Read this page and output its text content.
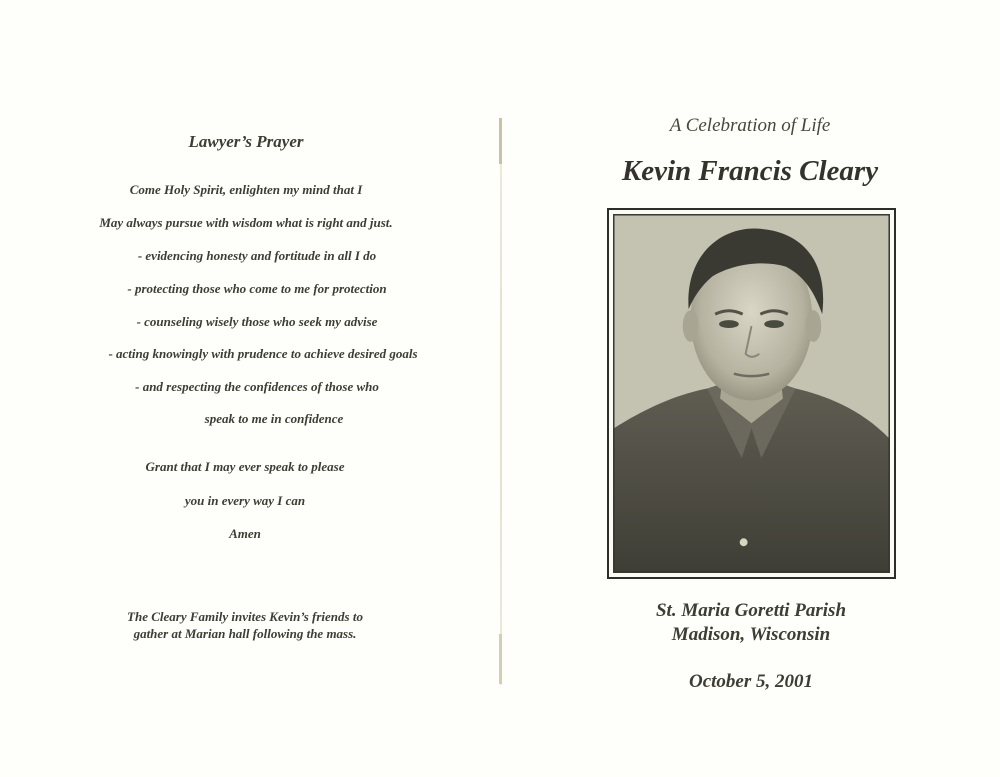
Lawyer’s Prayer
Come Holy Spirit, enlighten my mind that I
May always pursue with wisdom what is right and just.
- evidencing honesty and fortitude in all I do
- protecting those who come to me for protection
- counseling wisely those who seek my advise
- acting knowingly with prudence to achieve desired goals
- and respecting the confidences of those who
speak to me in confidence
Grant that I may ever speak to please
you in every way I can
Amen
The Cleary Family invites Kevin’s friends to
gather at Marian hall following the mass.
A Celebration of Life
Kevin Francis Cleary
St. Maria Goretti Parish
Madison, Wisconsin
October 5, 2001
